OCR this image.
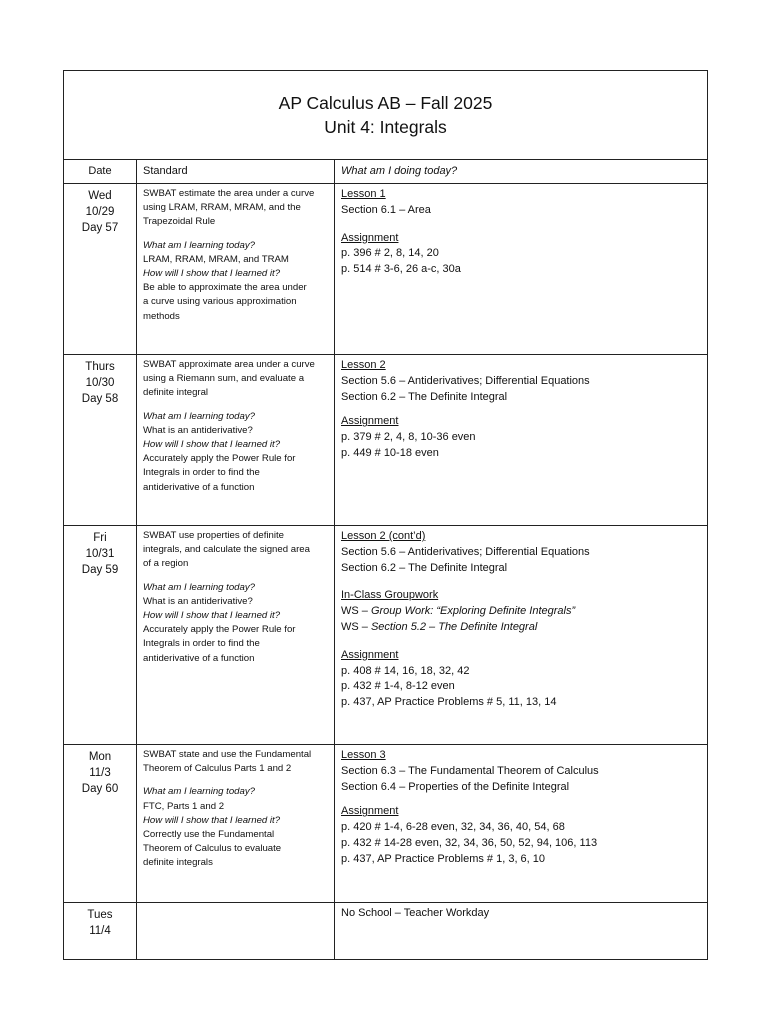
AP Calculus AB – Fall 2025
Unit 4: Integrals
Date	Standard	What am I doing today?
Wed
10/29
Day 57
SWBAT estimate the area under a curve
using LRAM, RRAM, MRAM, and the
Trapezoidal Rule
What am I learning today?
LRAM, RRAM, MRAM, and TRAM
How will I show that I learned it?
Be able to approximate the area under
a curve using various approximation
methods
Lesson 1
Section 6.1 – Area
Assignment
p. 396 # 2, 8, 14, 20
p. 514 # 3-6, 26 a-c, 30a
Thurs
10/30
Day 58
SWBAT approximate area under a curve
using a Riemann sum, and evaluate a
definite integral
What am I learning today?
What is an antiderivative?
How will I show that I learned it?
Accurately apply the Power Rule for
Integrals in order to find the
antiderivative of a function
Lesson 2
Section 5.6 – Antiderivatives; Differential Equations
Section 6.2 – The Definite Integral
Assignment
p. 379 # 2, 4, 8, 10-36 even
p. 449 # 10-18 even
Fri
10/31
Day 59
SWBAT use properties of definite
integrals, and calculate the signed area
of a region
What am I learning today?
What is an antiderivative?
How will I show that I learned it?
Accurately apply the Power Rule for
Integrals in order to find the
antiderivative of a function
Lesson 2 (cont’d)
Section 5.6 – Antiderivatives; Differential Equations
Section 6.2 – The Definite Integral
In-Class Groupwork
WS – Group Work: “Exploring Definite Integrals”
WS – Section 5.2 – The Definite Integral
Assignment
p. 408 # 14, 16, 18, 32, 42
p. 432 # 1-4, 8-12 even
p. 437, AP Practice Problems # 5, 11, 13, 14
Mon
11/3
Day 60
SWBAT state and use the Fundamental
Theorem of Calculus Parts 1 and 2
What am I learning today?
FTC, Parts 1 and 2
How will I show that I learned it?
Correctly use the Fundamental
Theorem of Calculus to evaluate
definite integrals
Lesson 3
Section 6.3 – The Fundamental Theorem of Calculus
Section 6.4 – Properties of the Definite Integral
Assignment
p. 420 # 1-4, 6-28 even, 32, 34, 36, 40, 54, 68
p. 432 # 14-28 even, 32, 34, 36, 50, 52, 94, 106, 113
p. 437, AP Practice Problems # 1, 3, 6, 10
Tues
11/4
No School – Teacher Workday
